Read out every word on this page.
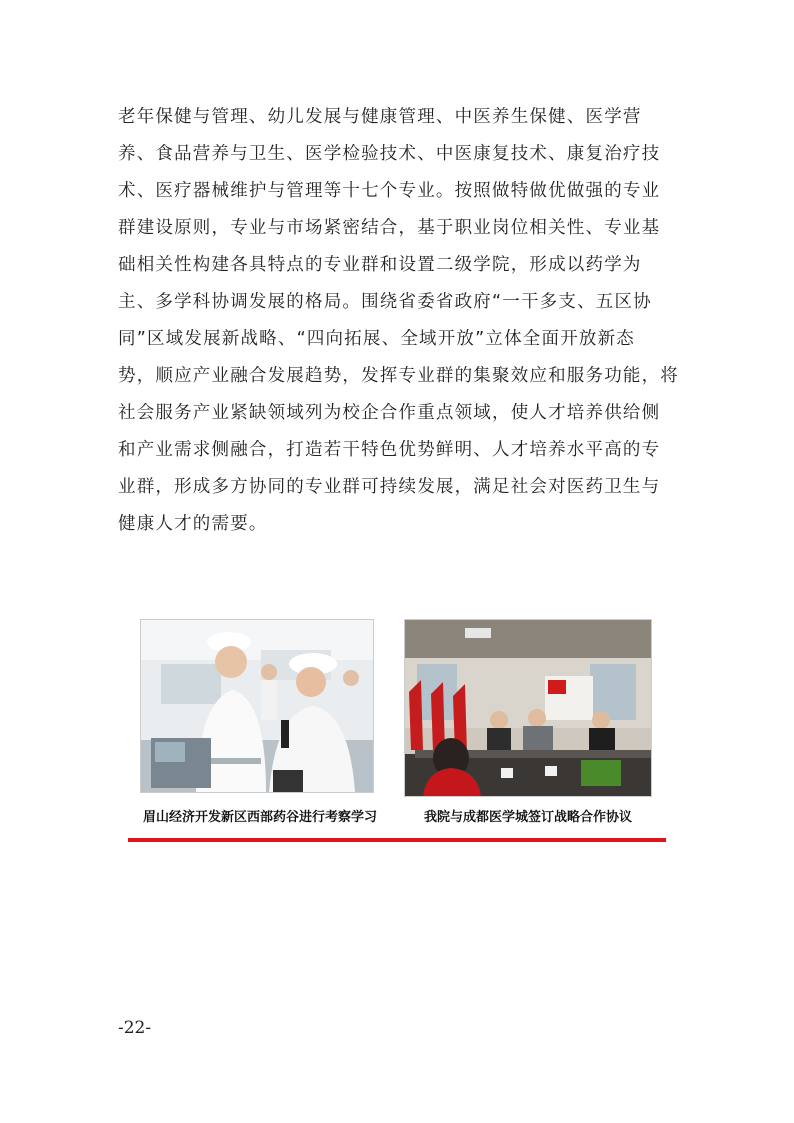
老年保健与管理、幼儿发展与健康管理、中医养生保健、医学营
养、食品营养与卫生、医学检验技术、中医康复技术、康复治疗技
术、医疗器械维护与管理等十七个专业。按照做特做优做强的专业
群建设原则，专业与市场紧密结合，基于职业岗位相关性、专业基
础相关性构建各具特点的专业群和设置二级学院，形成以药学为
主、多学科协调发展的格局。围绕省委省政府“一干多支、五区协
同”区域发展新战略、“四向拓展、全域开放”立体全面开放新态
势，顺应产业融合发展趋势，发挥专业群的集聚效应和服务功能，将
社会服务产业紧缺领域列为校企合作重点领域，使人才培养供给侧
和产业需求侧融合，打造若干特色优势鲜明、人才培养水平高的专
业群，形成多方协同的专业群可持续发展，满足社会对医药卫生与
健康人才的需要。
眉山经济开发新区西部药谷进行考察学习	我院与成都医学城签订战略合作协议
-22-
